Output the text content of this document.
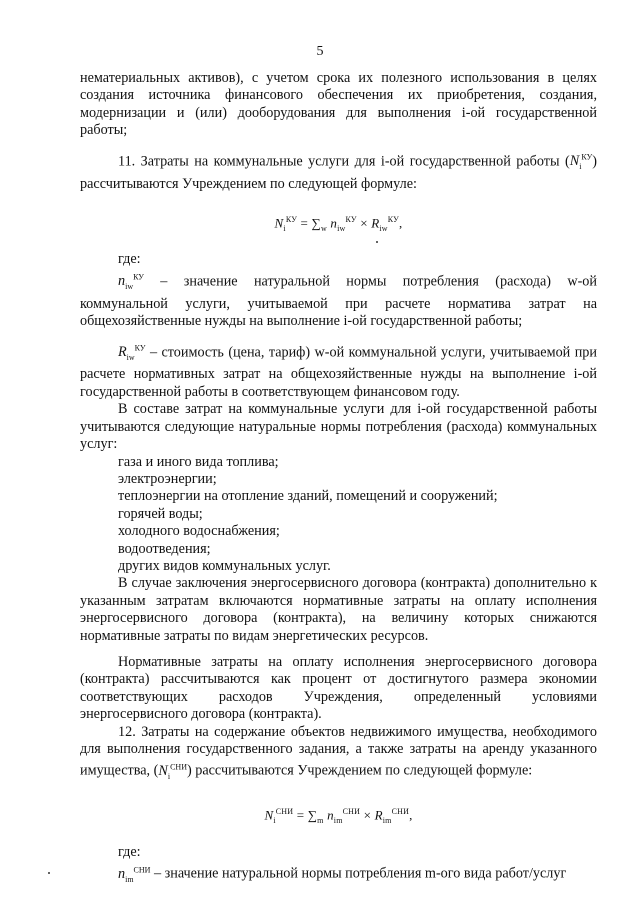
5

нематериальных активов), с учетом срока их полезного использования в целях создания источника финансового обеспечения их приобретения, создания, модернизации и (или) дооборудования для выполнения i-ой государственной работы;

11. Затраты на коммунальные услуги для i-ой государственной работы $(N_i^{КУ})$ рассчитываются Учреждением по следующей формуле:

$N_i^{КУ} = \sum_w$ $n_{iw}^{КУ} \times R_{iw}^{КУ}$,

где:

$n_{iw}^{КУ}$ – значение натуральной нормы потребления (расхода) w-ой коммунальной услуги, учитываемой при расчете норматива затрат на общехозяйственные нужды на выполнение i-ой государственной работы;

$R_{iw}^{КУ}$ – стоимость (цена, тариф) w-ой коммунальной услуги, учитываемой при расчете нормативных затрат на общехозяйственные нужды на выполнение i-ой государственной работы в соответствующем финансовом году.

В составе затрат на коммунальные услуги для i-ой государственной работы учитываются следующие натуральные нормы потребления (расхода) коммунальных услуг:

газа и иного вида топлива;

электроэнергии;

теплоэнергии на отопление зданий, помещений и сооружений;

горячей воды;

холодного водоснабжения;

водоотведения;

других видов коммунальных услуг.

В случае заключения энергосервисного договора (контракта) дополнительно к указанным затратам включаются нормативные затраты на оплату исполнения энергосервисного договора (контракта), на величину которых снижаются нормативные затраты по видам энергетических ресурсов.

Нормативные затраты на оплату исполнения энергосервисного договора (контракта) рассчитываются как процент от достигнутого размера экономии соответствующих расходов Учреждения, определенный условиями энергосервисного договора (контракта).

12. Затраты на содержание объектов недвижимого имущества, необходимого для выполнения государственного задания, а также затраты на аренду указанного имущества, $(N_i^{СНИ})$ рассчитываются Учреждением по следующей формуле:

$N_i^{СНИ} = \sum_m$ $n_{im}^{СНИ} \times R_{im}^{СНИ}$,

где:

$n_{im}^{СНИ}$ – значение натуральной нормы потребления m-ого вида работ/услуг
